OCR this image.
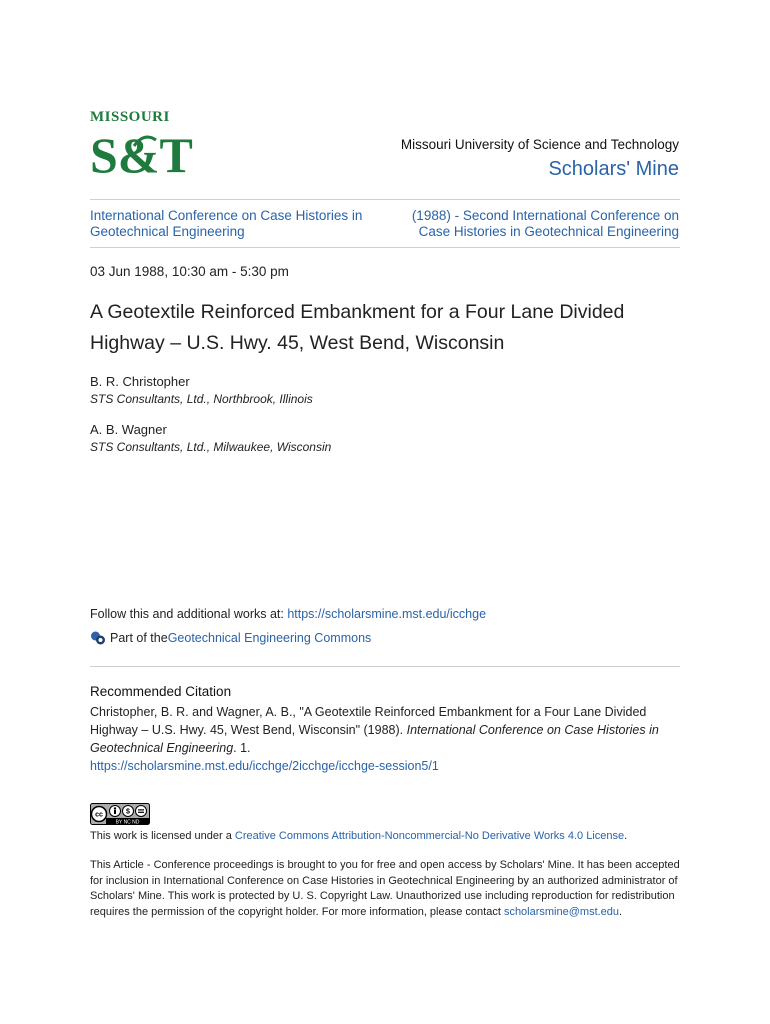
MISSOURI
S&T	Missouri University of Science and Technology
Scholars' Mine
International Conference on Case Histories in Geotechnical Engineering
(1988) - Second International Conference on Case Histories in Geotechnical Engineering
03 Jun 1988, 10:30 am - 5:30 pm
A Geotextile Reinforced Embankment for a Four Lane Divided
Highway – U.S. Hwy. 45, West Bend, Wisconsin
B. R. Christopher
STS Consultants, Ltd., Northbrook, Illinois
A. B. Wagner
STS Consultants, Ltd., Milwaukee, Wisconsin
Follow this and additional works at: https://scholarsmine.mst.edu/icchge
Part of the Geotechnical Engineering Commons
Recommended Citation
Christopher, B. R. and Wagner, A. B., "A Geotextile Reinforced Embankment for a Four Lane Divided Highway – U.S. Hwy. 45, West Bend, Wisconsin" (1988). International Conference on Case Histories in Geotechnical Engineering. 1.
https://scholarsmine.mst.edu/icchge/2icchge/icchge-session5/1
cc	$
BY NC ND
This work is licensed under a Creative Commons Attribution-Noncommercial-No Derivative Works 4.0 License.
This Article - Conference proceedings is brought to you for free and open access by Scholars' Mine. It has been accepted for inclusion in International Conference on Case Histories in Geotechnical Engineering by an authorized administrator of Scholars' Mine. This work is protected by U. S. Copyright Law. Unauthorized use including reproduction for redistribution requires the permission of the copyright holder. For more information, please contact scholarsmine@mst.edu.
